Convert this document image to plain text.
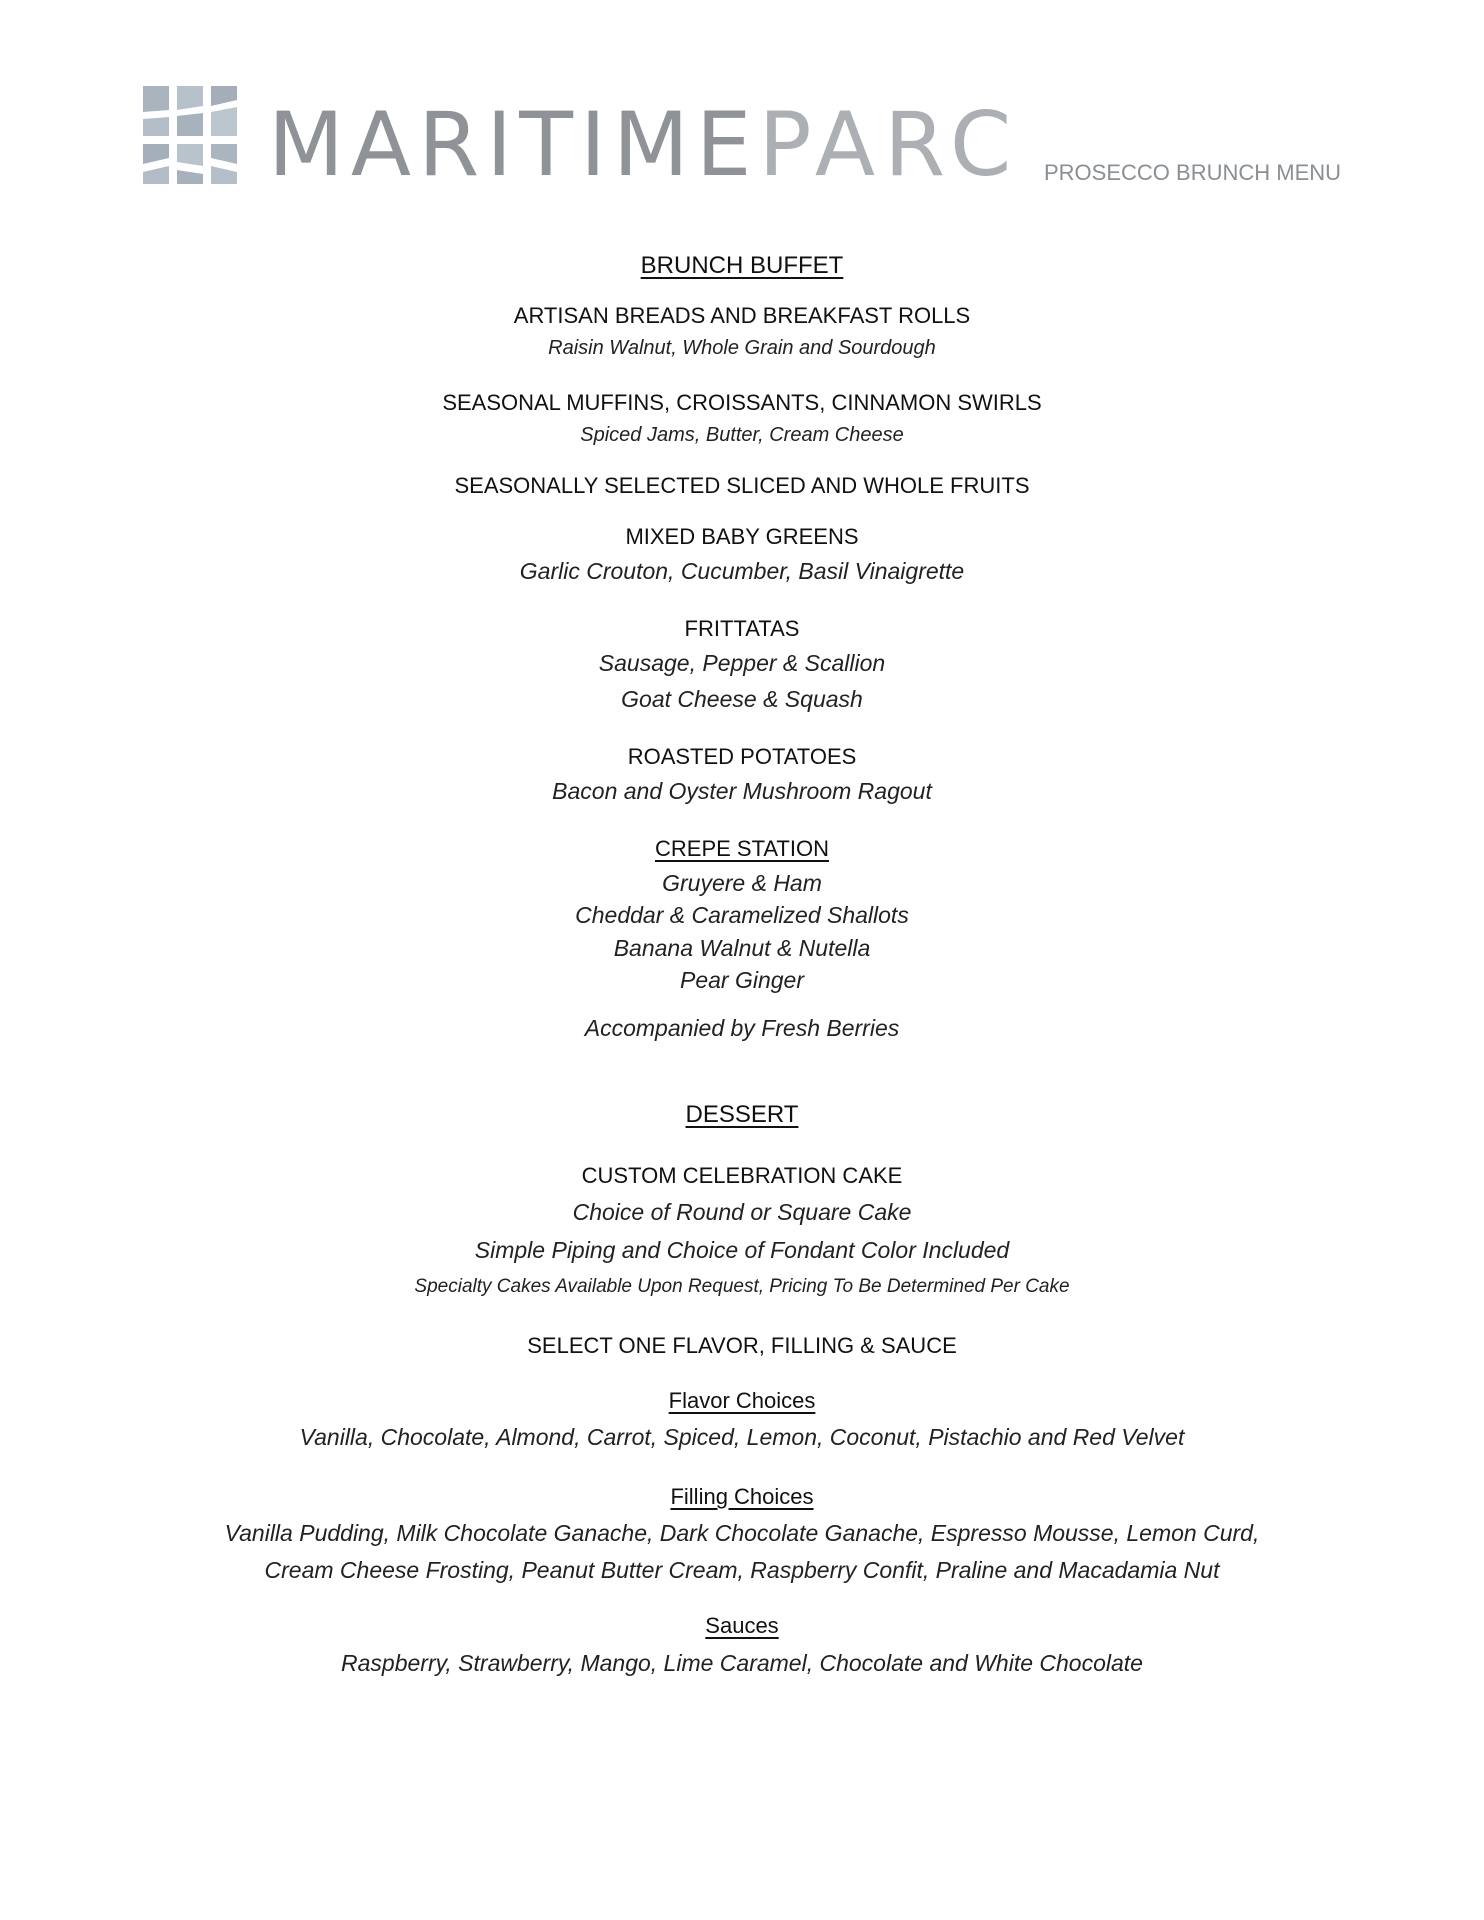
MARITIMEPARC PROSECCO BRUNCH MENU
BRUNCH BUFFET
ARTISAN BREADS AND BREAKFAST ROLLS
Raisin Walnut, Whole Grain and Sourdough
SEASONAL MUFFINS, CROISSANTS, CINNAMON SWIRLS
Spiced Jams, Butter, Cream Cheese
SEASONALLY SELECTED SLICED AND WHOLE FRUITS
MIXED BABY GREENS
Garlic Crouton, Cucumber, Basil Vinaigrette
FRITTATAS
Sausage, Pepper & Scallion
Goat Cheese & Squash
ROASTED POTATOES
Bacon and Oyster Mushroom Ragout
CREPE STATION
Gruyere & Ham
Cheddar & Caramelized Shallots
Banana Walnut & Nutella
Pear Ginger
Accompanied by Fresh Berries
DESSERT
CUSTOM CELEBRATION CAKE
Choice of Round or Square Cake
Simple Piping and Choice of Fondant Color Included
Specialty Cakes Available Upon Request, Pricing To Be Determined Per Cake
SELECT ONE FLAVOR, FILLING & SAUCE
Flavor Choices
Vanilla, Chocolate, Almond, Carrot, Spiced, Lemon, Coconut, Pistachio and Red Velvet
Filling Choices
Vanilla Pudding, Milk Chocolate Ganache, Dark Chocolate Ganache, Espresso Mousse, Lemon Curd,
Cream Cheese Frosting, Peanut Butter Cream, Raspberry Confit, Praline and Macadamia Nut
Sauces
Raspberry, Strawberry, Mango, Lime Caramel, Chocolate and White Chocolate
